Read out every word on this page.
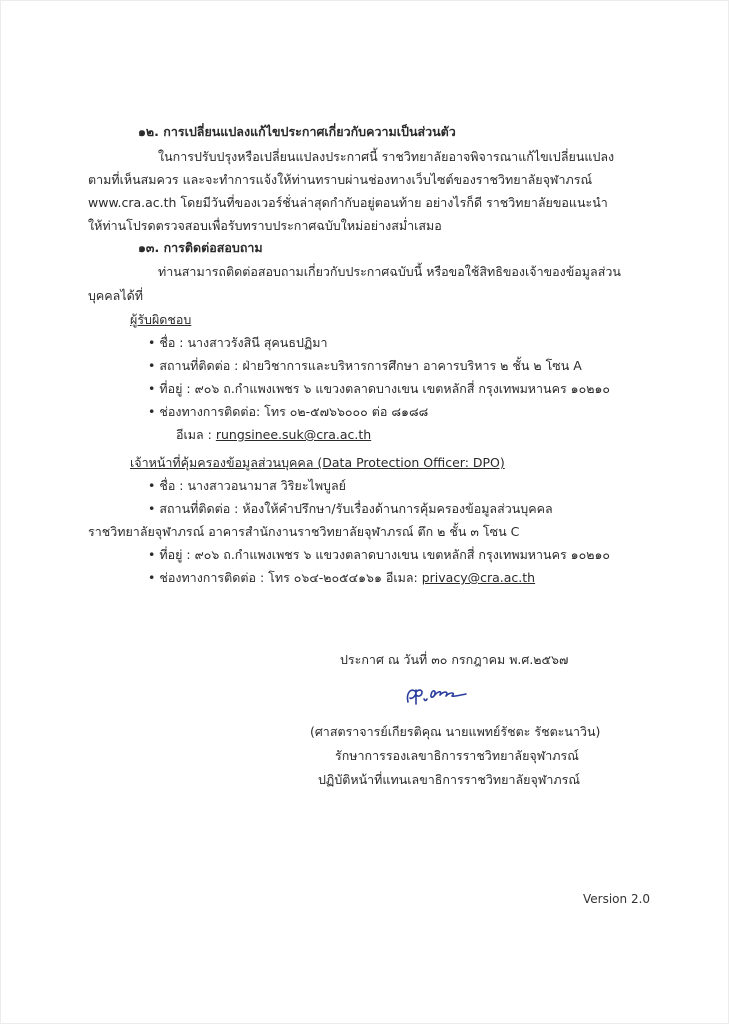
๑๒. การเปลี่ยนแปลงแก้ไขประกาศเกี่ยวกับความเป็นส่วนตัว
ในการปรับปรุงหรือเปลี่ยนแปลงประกาศนี้ ราชวิทยาลัยอาจพิจารณาแก้ไขเปลี่ยนแปลง
ตามที่เห็นสมควร และจะทำการแจ้งให้ท่านทราบผ่านช่องทางเว็บไซต์ของราชวิทยาลัยจุฬาภรณ์
www.cra.ac.th โดยมีวันที่ของเวอร์ชั่นล่าสุดกำกับอยู่ตอนท้าย อย่างไรก็ดี ราชวิทยาลัยขอแนะนำ
ให้ท่านโปรดตรวจสอบเพื่อรับทราบประกาศฉบับใหม่อย่างสม่ำเสมอ
๑๓. การติดต่อสอบถาม
ท่านสามารถติดต่อสอบถามเกี่ยวกับประกาศฉบับนี้ หรือขอใช้สิทธิของเจ้าของข้อมูลส่วน
บุคคลได้ที่
ผู้รับผิดชอบ
• ชื่อ : นางสาวรังสินี สุคนธปฏิมา
• สถานที่ติดต่อ : ฝ่ายวิชาการและบริหารการศึกษา อาคารบริหาร ๒ ชั้น ๒ โซน A
• ที่อยู่ : ๙๐๖ ถ.กำแพงเพชร ๖ แขวงตลาดบางเขน เขตหลักสี่ กรุงเทพมหานคร ๑๐๒๑๐
• ช่องทางการติดต่อ: โทร ๐๒-๕๗๖๖๐๐๐ ต่อ ๘๑๘๘
อีเมล : rungsinee.suk@cra.ac.th
เจ้าหน้าที่คุ้มครองข้อมูลส่วนบุคคล (Data Protection Officer: DPO)
• ชื่อ : นางสาวอนามาส วิริยะไพบูลย์
• สถานที่ติดต่อ : ห้องให้คำปรึกษา/รับเรื่องด้านการคุ้มครองข้อมูลส่วนบุคคล
ราชวิทยาลัยจุฬาภรณ์ อาคารสำนักงานราชวิทยาลัยจุฬาภรณ์ ตึก ๒ ชั้น ๓ โซน C
• ที่อยู่ : ๙๐๖ ถ.กำแพงเพชร ๖ แขวงตลาดบางเขน เขตหลักสี่ กรุงเทพมหานคร ๑๐๒๑๐
• ช่องทางการติดต่อ : โทร ๐๖๔-๒๐๕๔๑๖๑ อีเมล: privacy@cra.ac.th
ประกาศ ณ วันที่ ๓๐ กรกฎาคม พ.ศ.๒๕๖๗
(ศาสตราจารย์เกียรติคุณ นายแพทย์รัชตะ รัชตะนาวิน)
รักษาการรองเลขาธิการราชวิทยาลัยจุฬาภรณ์
ปฏิบัติหน้าที่แทนเลขาธิการราชวิทยาลัยจุฬาภรณ์
Version 2.0
